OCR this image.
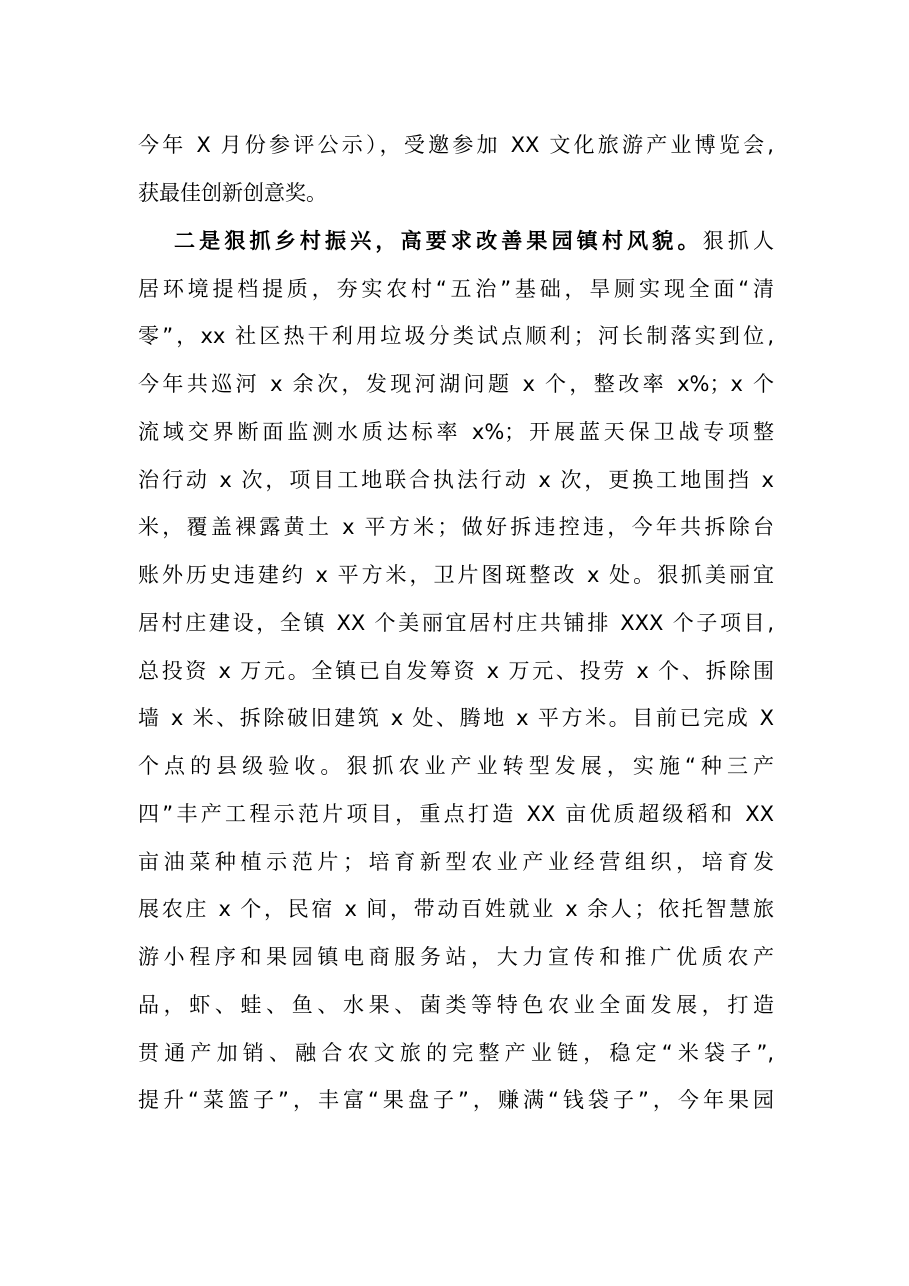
今年 X 月份参评公示），受邀参加 XX 文化旅游产业博览会,
获最佳创新创意奖。
二是狠抓乡村振兴，高要求改善果园镇村风貌。狠抓人
居环境提档提质，夯实农村“五治”基础，旱厕实现全面“清
零”，xx 社区热干利用垃圾分类试点顺利；河长制落实到位,
今年共巡河 x 余次，发现河湖问题 x 个，整改率 x%；x 个
流域交界断面监测水质达标率 x%；开展蓝天保卫战专项整
治行动 x 次，项目工地联合执法行动 x 次，更换工地围挡 x
米，覆盖裸露黄土 x 平方米；做好拆违控违，今年共拆除台
账外历史违建约 x 平方米，卫片图斑整改 x 处。狠抓美丽宜
居村庄建设，全镇 XX 个美丽宜居村庄共铺排 XXX 个子项目,
总投资 x 万元。全镇已自发筹资 x 万元、投劳 x 个、拆除围
墙 x 米、拆除破旧建筑 x 处、腾地 x 平方米。目前已完成 X
个点的县级验收。狠抓农业产业转型发展，实施“种三产
四”丰产工程示范片项目，重点打造 XX 亩优质超级稻和 XX
亩油菜种植示范片；培育新型农业产业经营组织，培育发
展农庄 x 个，民宿 x 间，带动百姓就业 x 余人；依托智慧旅
游小程序和果园镇电商服务站，大力宣传和推广优质农产
品，虾、蛙、鱼、水果、菌类等特色农业全面发展，打造
贯通产加销、融合农文旅的完整产业链，稳定“米袋子”,
提升“菜篮子”，丰富“果盘子”，赚满“钱袋子”，今年果园
